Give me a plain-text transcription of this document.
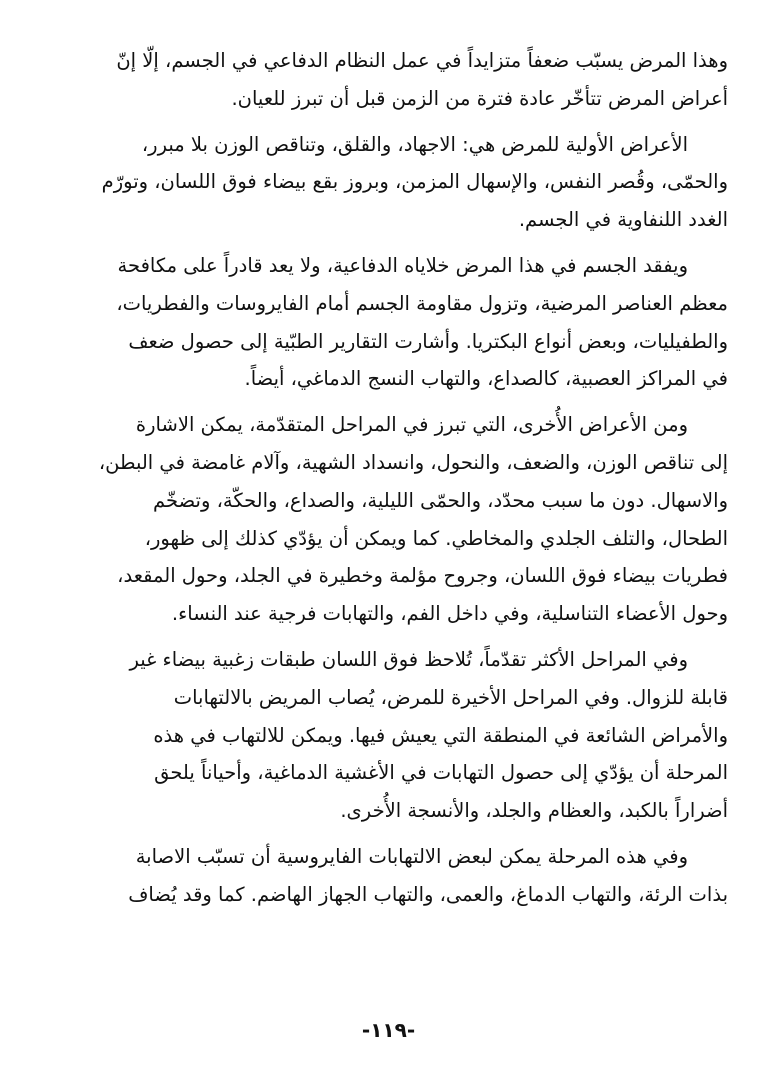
وهذا المرض يسبّب ضعفاً متزايداً في عمل النظام الدفاعي في الجسم، إلّا إنّ
أعراض المرض تتأخّر عادة فترة من الزمن قبل أن تبرز للعيان.
الأعراض الأولية للمرض هي: الاجهاد، والقلق، وتناقص الوزن بلا مبرر،
والحمّى، وقُصر النفس، والإسهال المزمن، وبروز بقع بيضاء فوق اللسان، وتورّم
الغدد اللنفاوية في الجسم.
ويفقد الجسم في هذا المرض خلاياه الدفاعية، ولا يعد قادراً على مكافحة
معظم العناصر المرضية، وتزول مقاومة الجسم أمام الفايروسات والفطريات،
والطفيليات، وبعض أنواع البكتريا. وأشارت التقارير الطبّية إلى حصول ضعف
في المراكز العصبية، كالصداع، والتهاب النسج الدماغي، أيضاً.
ومن الأعراض الأُخرى، التي تبرز في المراحل المتقدّمة، يمكن الاشارة
إلى تناقص الوزن، والضعف، والنحول، وانسداد الشهية، وآلام غامضة في البطن،
والاسهال. دون ما سبب محدّد، والحمّى الليلية، والصداع، والحكّة، وتضخّم
الطحال، والتلف الجلدي والمخاطي. كما ويمكن أن يؤدّي كذلك إلى ظهور،
فطريات بيضاء فوق اللسان، وجروح مؤلمة وخطيرة في الجلد، وحول المقعد،
وحول الأعضاء التناسلية، وفي داخل الفم، والتهابات فرجية عند النساء.
وفي المراحل الأكثر تقدّماً، تُلاحظ فوق اللسان طبقات زغبية بيضاء غير
قابلة للزوال. وفي المراحل الأخيرة للمرض، يُصاب المريض بالالتهابات
والأمراض الشائعة في المنطقة التي يعيش فيها. ويمكن للالتهاب في هذه
المرحلة أن يؤدّي إلى حصول التهابات في الأغشية الدماغية، وأحياناً يلحق
أضراراً بالكبد، والعظام والجلد، والأنسجة الأُخرى.
وفي هذه المرحلة يمكن لبعض الالتهابات الفايروسية أن تسبّب الاصابة
بذات الرئة، والتهاب الدماغ، والعمى، والتهاب الجهاز الهاضم. كما وقد يُضاف
-١١٩-
